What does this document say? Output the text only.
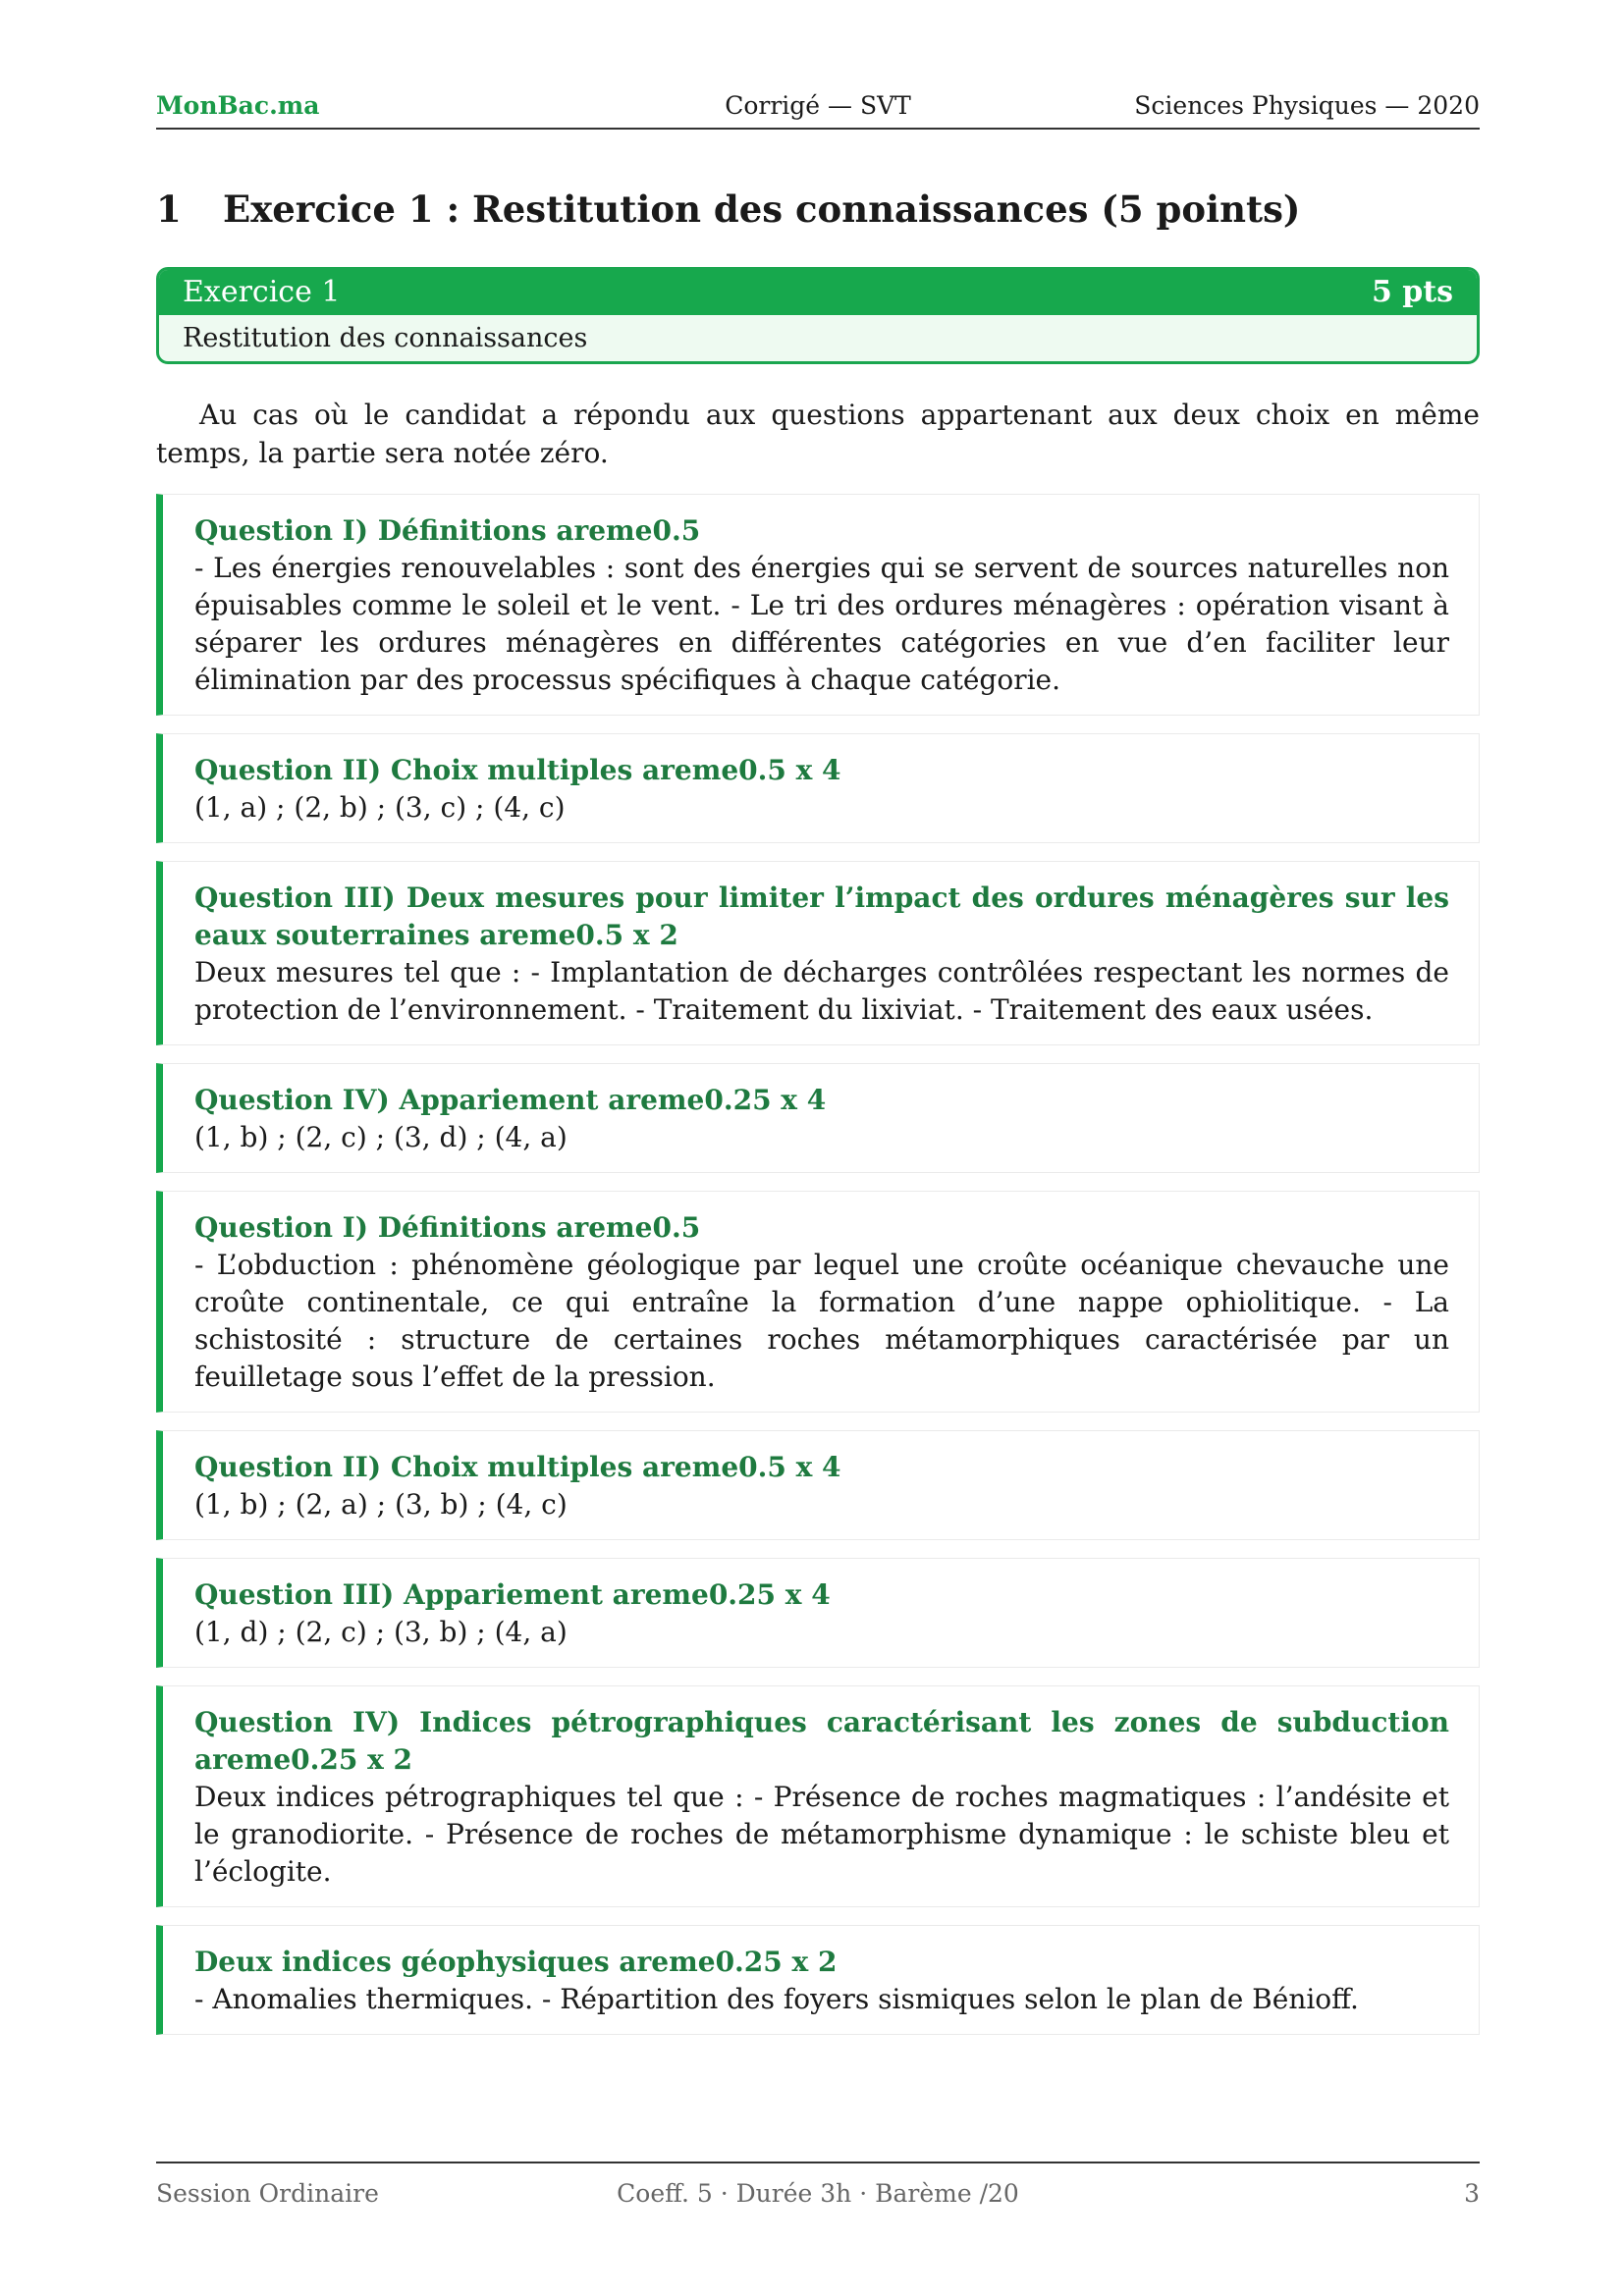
MonBac.ma	Corrigé — SVT	Sciences Physiques — 2020
1 Exercice 1 : Restitution des connaissances (5 points)
Exercice 1	5 pts
Restitution des connaissances

Au cas où le candidat a répondu aux questions appartenant aux deux choix en même temps, la partie sera notée zéro.

Question I) Définitions areme0.5
- Les énergies renouvelables : sont des énergies qui se servent de sources naturelles non épuisables comme le soleil et le vent. - Le tri des ordures ménagères : opération visant à séparer les ordures ménagères en différentes catégories en vue d’en faciliter leur élimination par des processus spécifiques à chaque catégorie.
Question II) Choix multiples areme0.5 x 4
(1, a) ; (2, b) ; (3, c) ; (4, c)
Question III) Deux mesures pour limiter l’impact des ordures ménagères sur les eaux souterraines areme0.5 x 2
Deux mesures tel que : - Implantation de décharges contrôlées respectant les normes de protection de l’environnement. - Traitement du lixiviat. - Traitement des eaux usées.
Question IV) Appariement areme0.25 x 4
(1, b) ; (2, c) ; (3, d) ; (4, a)
Question I) Définitions areme0.5
- L’obduction : phénomène géologique par lequel une croûte océanique chevauche une croûte continentale, ce qui entraîne la formation d’une nappe ophiolitique. - La schistosité : structure de certaines roches métamorphiques caractérisée par un feuilletage sous l’effet de la pression.
Question II) Choix multiples areme0.5 x 4
(1, b) ; (2, a) ; (3, b) ; (4, c)
Question III) Appariement areme0.25 x 4
(1, d) ; (2, c) ; (3, b) ; (4, a)
Question IV) Indices pétrographiques caractérisant les zones de subduction areme0.25 x 2
Deux indices pétrographiques tel que : - Présence de roches magmatiques : l’andésite et le granodiorite. - Présence de roches de métamorphisme dynamique : le schiste bleu et l’éclogite.
Deux indices géophysiques areme0.25 x 2
- Anomalies thermiques. - Répartition des foyers sismiques selon le plan de Bénioff.
Session Ordinaire	Coeff. 5 · Durée 3h · Barème /20	3
